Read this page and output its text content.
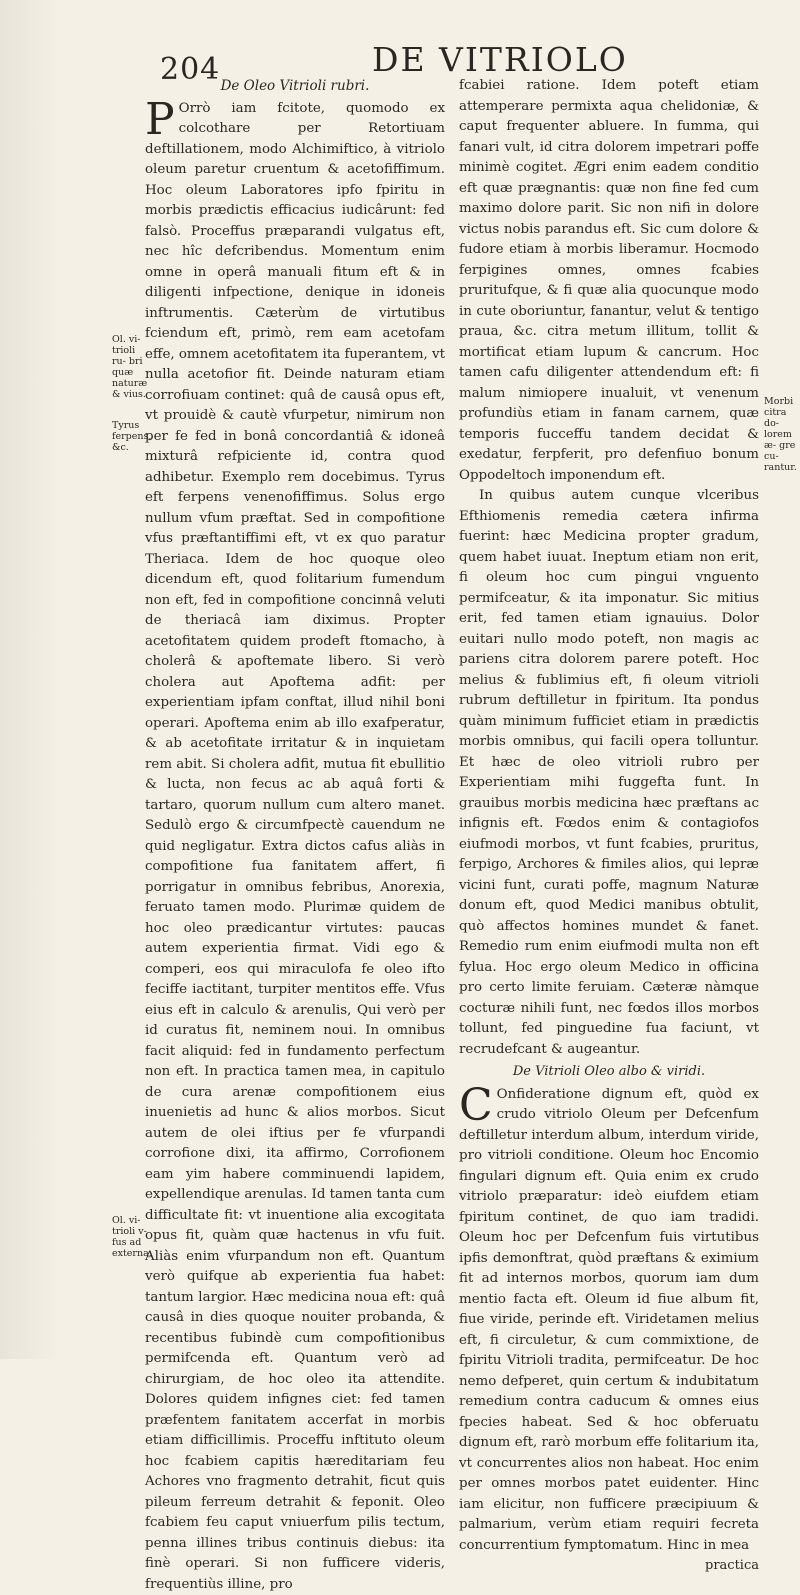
204	DE VITRIOLO
Ol. vi- trioli ru- bri quæ naturæ & vius.
Tyrus ferpens, &c.
Ol. vi- trioli v- fus ad externa.
Morbi citra do- lorem æ- gre cu- rantur.
De Oleo Vitrioli rubri.

P Orrò iam fcitote, quomodo ex colcothare per Retortiuam deftillationem, modo Alchimiftico, à vitriolo oleum paretur cruentum & acetofiffimum. Hoc oleum Laboratores ipfo fpiritu in morbis prædictis efficacius iudicârunt: fed falsò. Proceffus præparandi vulgatus eft, nec hîc defcribendus. Momentum enim omne in operâ manuali fitum eft & in diligenti infpectione, denique in idoneis inftrumentis. Cæterùm de virtutibus fciendum eft, primò, rem eam acetofam effe, omnem acetofitatem ita fuperantem, vt nulla acetofior fit. Deinde naturam etiam corrofiuam continet: quâ de causâ opus eft, vt prouidè & cautè vfurpetur, nimirum non per fe fed in bonâ concordantiâ & idoneâ mixturâ refpiciente id, contra quod adhibetur. Exemplo rem docebimus. Tyrus eft ferpens venenofiffimus. Solus ergo nullum vfum præftat. Sed in compofitione vfus præftantiffimi eft, vt ex quo paratur Theriaca. Idem de hoc quoque oleo dicendum eft, quod folitarium fumendum non eft, fed in compofitione concinnâ veluti de theriacâ iam diximus. Propter acetofitatem quidem prodeft ftomacho, à cholerâ & apoftemate libero. Si verò cholera aut Apoftema adfit: per experientiam ipfam conftat, illud nihil boni operari. Apoftema enim ab illo exafperatur, & ab acetofitate irritatur & in inquietam rem abit. Si cholera adfit, mutua fit ebullitio & lucta, non fecus ac ab aquâ forti & tartaro, quorum nullum cum altero manet. Sedulò ergo & circumfpectè cauendum ne quid negligatur. Extra dictos cafus aliàs in compofitione fua fanitatem affert, fi porrigatur in omnibus febribus, Anorexia, feruato tamen modo. Plurimæ quidem de hoc oleo prædicantur virtutes: paucas autem experientia firmat. Vidi ego & comperi, eos qui miraculofa fe oleo ifto feciffe iactitant, turpiter mentitos effe. Vfus eius eft in calculo & arenulis, Qui verò per id curatus fit, neminem noui. In omnibus facit aliquid: fed in fundamento perfectum non eft. In practica tamen mea, in capitulo de cura arenæ compofitionem eius inuenietis ad hunc & alios morbos. Sicut autem de olei iftius per fe vfurpandi corrofione dixi, ita affirmo, Corrofionem eam yim habere comminuendi lapidem, expellendique arenulas. Id tamen tanta cum difficultate fit: vt inuentione alia excogitata opus fit, quàm quæ hactenus in vfu fuit. Aliàs enim vfurpandum non eft. Quantum verò quifque ab experientia fua habet: tantum largior. Hæc medicina noua eft: quâ causâ in dies quoque nouiter probanda, & recentibus fubindè cum compofitionibus permifcenda eft. Quantum verò ad chirurgiam, de hoc oleo ita attendite. Dolores quidem infignes ciet: fed tamen præfentem fanitatem accerfat in morbis etiam difficillimis. Proceffu inftituto oleum hoc fcabiem capitis hæreditariam feu Achores vno fragmento detrahit, ficut quis pileum ferreum detrahit & feponit. Oleo fcabiem feu caput vniuerfum pilis tectum, penna illines tribus continuis diebus: ita finè operari. Si non fufficere videris, frequentiùs illine, pro

fcabiei ratione. Idem poteft etiam attemperare permixta aqua chelidoniæ, & caput frequenter abluere. In fumma, qui fanari vult, id citra dolorem impetrari poffe minimè cogitet. Ægri enim eadem conditio eft quæ prægnantis: quæ non fine fed cum maximo dolore parit. Sic non nifi in dolore victus nobis parandus eft. Sic cum dolore & fudore etiam à morbis liberamur. Hocmodo ferpigines omnes, omnes fcabies pruritufque, & fi quæ alia quocunque modo in cute oboriuntur, fanantur, velut & tentigo praua, &c. citra metum illitum, tollit & mortificat etiam lupum & cancrum. Hoc tamen cafu diligenter attendendum eft: fi malum nimiopere inualuit, vt venenum profundiùs etiam in fanam carnem, quæ temporis fucceffu tandem decidat & exedatur, ferpferit, pro defenfiuo bonum Oppodeltoch imponendum eft.

In quibus autem cunque vlceribus Efthiomenis remedia cætera infirma fuerint: hæc Medicina propter gradum, quem habet iuuat. Ineptum etiam non erit, fi oleum hoc cum pingui vnguento permifceatur, & ita imponatur. Sic mitius erit, fed tamen etiam ignauius. Dolor euitari nullo modo poteft, non magis ac pariens citra dolorem parere poteft. Hoc melius & fublimius eft, fi oleum vitrioli rubrum deftilletur in fpiritum. Ita pondus quàm minimum fufficiet etiam in prædictis morbis omnibus, qui facili opera tolluntur. Et hæc de oleo vitrioli rubro per Experientiam mihi fuggefta funt. In grauibus morbis medicina hæc præftans ac infignis eft. Fœdos enim & contagiofos eiufmodi morbos, vt funt fcabies, pruritus, ferpigo, Archores & fimiles alios, qui lepræ vicini funt, curati poffe, magnum Naturæ donum eft, quod Medici manibus obtulit, quò affectos homines mundet & fanet. Remedio rum enim eiufmodi multa non eft fylua. Hoc ergo oleum Medico in officina pro certo limite feruiam. Cæteræ nàmque cocturæ nihili funt, nec fœdos illos morbos tollunt, fed pinguedine fua faciunt, vt recrudefcant & augeantur.

De Vitrioli Oleo albo & viridi.

C Onfideratione dignum eft, quòd ex crudo vitriolo Oleum per Defcenfum deftilletur interdum album, interdum viride, pro vitrioli conditione. Oleum hoc Encomio fingulari dignum eft. Quia enim ex crudo vitriolo præparatur: ideò eiufdem etiam fpiritum continet, de quo iam tradidi. Oleum hoc per Defcenfum fuis virtutibus ipfis demonftrat, quòd præftans & eximium fit ad internos morbos, quorum iam dum mentio facta eft. Oleum id fiue album fit, fiue viride, perinde eft. Viridetamen melius eft, fi circuletur, & cum commixtione, de fpiritu Vitrioli tradita, permifceatur. De hoc nemo defperet, quin certum & indubitatum remedium contra caducum & omnes eius fpecies habeat. Sed & hoc obferuatu dignum eft, rarò morbum effe folitarium ita, vt concurrentes alios non habeat. Hoc enim per omnes morbos patet euidenter. Hinc iam elicitur, non fufficere præcipiuum & palmarium, verùm etiam requiri fecreta concurrentium fymptomatum. Hinc in mea

practica
